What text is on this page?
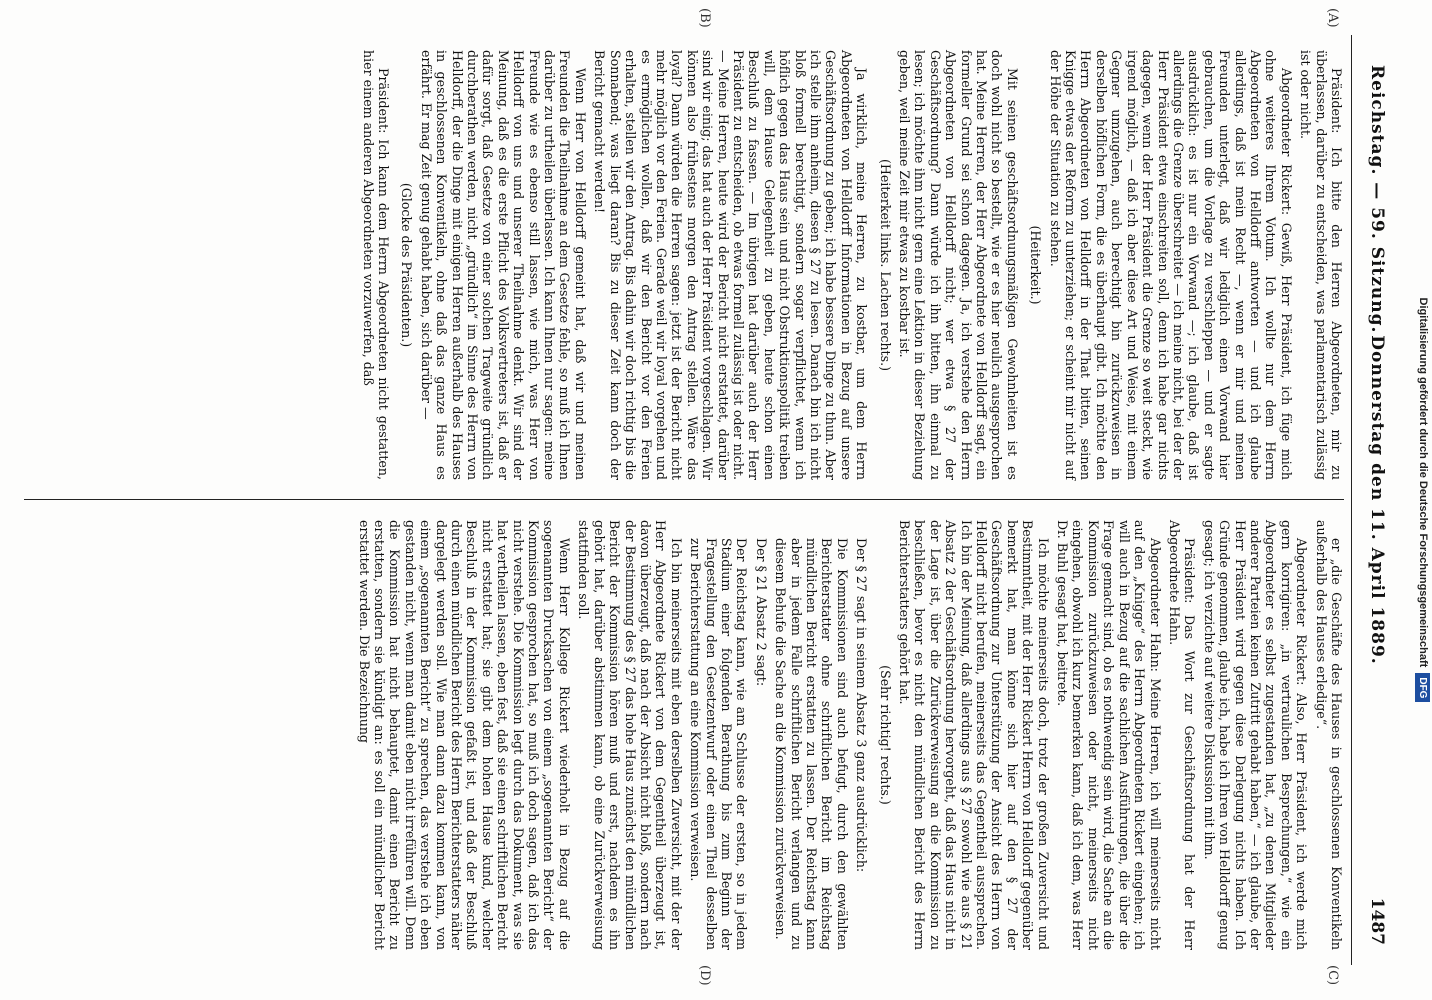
Reichstag. — 59. Sitzung.
Donnerstag den 11. April 1889.
1487
(A)
(B)
(C)
(D)

Präsident: Ich bitte den Herren Abgeordneten, mir zu überlassen, darüber zu entscheiden, was parlamentarisch zulässig ist oder nicht.

Abgeordneter Rickert: Gewiß, Herr Präsident, ich füge mich ohne weiteres Ihrem Votum. Ich wollte nur dem Herrn Abgeordneten von Helldorff antworten — und ich glaube allerdings, daß ist mein Recht —, wenn er mir und meinen Freunden unterlegt, daß wir lediglich einen Vorwand hier gebrauchen, um die Vorlage zu verschleppen — und er sagte ausdrücklich: es ist nur ein Vorwand —; ich glaube, daß ist allerdings die Grenze überschreitet — ich meine nicht, bei der der Herr Präsident etwa einschreiten soll, denn ich habe gar nichts dagegen, wenn der Herr Präsident die Grenze so weit steckt, wie irgend möglich, — daß ich aber diese Art und Weise, mit einem Gegner umzugehen, auch berechtigt bin zurückzuweisen in derselben höflichen Form, die es überhaupt gibt. Ich möchte den Herrn Abgeordneten von Helldorff in der That bitten, seinen Knigge etwas der Reform zu unterziehen; er scheint mir nicht auf der Höhe der Situation zu stehen.

(Heiterkeit.)

Mit seinen geschäftsordnungsmäßigen Gewohnheiten ist es doch wohl nicht so bestellt, wie er es hier neulich ausgesprochen hat. Meine Herren, der Herr Abgeordnete von Helldorff sagt, ein formeller Grund sei schon dagegen. Ja, ich verstehe den Herrn Abgeordneten von Helldorff nicht; wer etwa § 27 der Geschäftsordnung? Dann würde ich ihn bitten, ihn einmal zu lesen; ich möchte ihm nicht gern eine Lektion in dieser Beziehung geben, weil meine Zeit mir etwas zu kostbar ist.

(Heiterkeit links. Lachen rechts.)

Ja wirklich, meine Herren, zu kostbar, um dem Herrn Abgeordneten von Helldorff Informationen in Bezug auf unsere Geschäftsordnung zu geben; ich habe bessere Dinge zu thun. Aber ich stelle ihm anheim, diesen § 27 zu lesen. Danach bin ich nicht bloß formell berechtigt, sondern sogar verpflichtet, wenn ich höflich gegen das Haus sein und nicht Obstruktionspolitik treiben will, dem Hause Gelegenheit zu geben, heute schon einen Beschluß zu fassen. — Im übrigen hat darüber auch der Herr Präsident zu entscheiden, ob etwas formell zulässig ist oder nicht. — Meine Herren, heute wird der Bericht nicht erstattet, darüber sind wir einig; das hat auch der Herr Präsident vorgeschlagen. Wir können also frühestens morgen den Antrag stellen. Wäre das loyal? Dann würden die Herren sagen: jetzt ist der Bericht nicht mehr möglich vor den Ferien. Gerade weil wir loyal vorgehen und es ermöglichen wollen, daß wir den Bericht vor den Ferien erhalten, stellen wir den Antrag. Bis dahin wir doch richtig bis die Sonnabend; was liegt daran? Bis zu dieser Zeit kann doch der Bericht gemacht werden!

Wenn Herr von Helldorff gemeint hat, daß wir und meinen Freunden die Theilnahme an dem Gesetze fehle, so muß ich Ihnen darüber zu urtheilen überlassen. Ich kann Ihnen nur sagen: meine Freunde wie es ebenso still lassen, wie mich, was Herr von Helldorff von uns und unserer Theilnahme denkt. Wir sind der Meinung, daß es die erste Pflicht des Volksvertreters ist, daß er dafür sorgt, daß Gesetze von einer solchen Tragweite gründlich durchberathen werden, nicht „gründlich“ im Sinne des Herrn von Helldorff, der die Dinge mit einigen Herren außerhalb des Hauses in geschlossenen Konventikeln, ohne daß das ganze Haus es erfährt. Er mag Zeit genug gehabt haben, sich darüber —

(Glocke des Präsidenten.)

Präsident: Ich kann dem Herrn Abgeordneten nicht gestatten, hier einem anderen Abgeordneten vorzuwerfen, daß

er „die Geschäfte des Hauses in geschlossenen Konventikeln außerhalb des Hauses erledige“.

Abgeordneter Rickert: Also, Herr Präsident, ich werde mich gern korrigiren: „in vertraulichen Besprechungen,“ wie ein Abgeordneter es selbst zugestanden hat, „zu denen Mitglieder anderer Parteien keinen Zutritt gehabt haben,“ — ich glaube, der Herr Präsident wird gegen diese Darlegung nichts haben. Ich Gründe genommen, glaube ich, habe ich Ihren von Helldorff genug gesagt; ich verzichte auf weitere Diskussion mit ihm.

Präsident: Das Wort zur Geschäftsordnung hat der Herr Abgeordnete Hahn.

Abgeordneter Hahn: Meine Herren, ich will meinerseits nicht auf den „Knigge“ des Herrn Abgeordneten Rickert eingehen; ich will auch in Bezug auf die sachlichen Ausführungen, die über die Frage gemacht sind, ob es nothwendig sein wird, die Sache an die Kommission zurückzuweisen oder nicht, meinerseits nicht eingehen, obwohl ich kurz bemerken kann, daß ich dem, was Herr Dr. Buhl gesagt hat, beitrete.

Ich möchte meinerseits doch, trotz der großen Zuversicht und Bestimmtheit, mit der Herr Rickert Herrn von Helldorff gegenüber bemerkt hat, man könne sich hier auf den § 27 der Geschäftsordnung zur Unterstützung der Ansicht des Herrn von Helldorff nicht berufen, meinerseits das Gegentheil aussprechen. Ich bin der Meinung, daß allerdings aus § 27 sowohl wie aus § 21 Absatz 2 der Geschäftsordnung hervorgeht, daß das Haus nicht in der Lage ist, über die Zurückverweisung an die Kommission zu beschließen, bevor es nicht den mündlichen Bericht des Herrn Berichterstatters gehört hat.

(Sehr richtig! rechts.)

Der § 27 sagt in seinem Absatz 3 ganz ausdrücklich:

Die Kommissionen sind auch befugt, durch den gewählten Berichterstatter ohne schriftlichen Bericht im Reichstag mündlichen Bericht erstatten zu lassen. Der Reichstag kann aber in jedem Falle schriftlichen Bericht verlangen und zu diesem Behufe die Sache an die Kommission zurückverweisen.

Der § 21 Absatz 2 sagt:

Der Reichstag kann, wie am Schlusse der ersten, so in jedem Stadium einer folgenden Berathung bis zum Beginn der Fragestellung den Gesetzentwurf oder einen Theil desselben zur Berichterstattung an eine Kommission verweisen.

Ich bin meinerseits mit eben derselben Zuversicht, mit der der Herr Abgeordnete Rickert von dem Gegentheil überzeugt ist, davon überzeugt, daß nach der Absicht nicht bloß, sondern nach der Bestimmung des § 27 das hohe Haus zunächst den mündlichen Bericht der Kommission hören muß und erst, nachdem es ihn gehört hat, darüber abstimmen kann, ob eine Zurückverweisung stattfinden soll.

Wenn Herr Kollege Rickert wiederholt in Bezug auf die sogenannten Drucksachen von einem „sogenannten Bericht“ der Kommission gesprochen hat, so muß ich doch sagen, daß ich das nicht verstehe. Die Kommission legt durch das Dokument, was sie hat vertheilen lassen, eben fest, daß sie einen schriftlichen Bericht nicht erstattet hat; sie gibt dem hohen Hause kund, welcher Beschluß in der Kommission gefaßt ist, und daß der Beschluß durch einen mündlichen Bericht des Herrn Berichterstatters näher dargelegt werden soll. Wie man dann dazu kommen kann, von einem „sogenannten Bericht“ zu sprechen, das verstehe ich eben gestanden nicht, wenn man damit eben nicht irreführen will. Denn die Kommission hat nicht behauptet, damit einen Bericht zu erstatten, sondern sie kündigt an: es soll ein mündlicher Bericht erstattet werden. Die Bezeichnung	Digitalisierung gefördert durch die Deutsche ForschungsgemeinschaftDFG
